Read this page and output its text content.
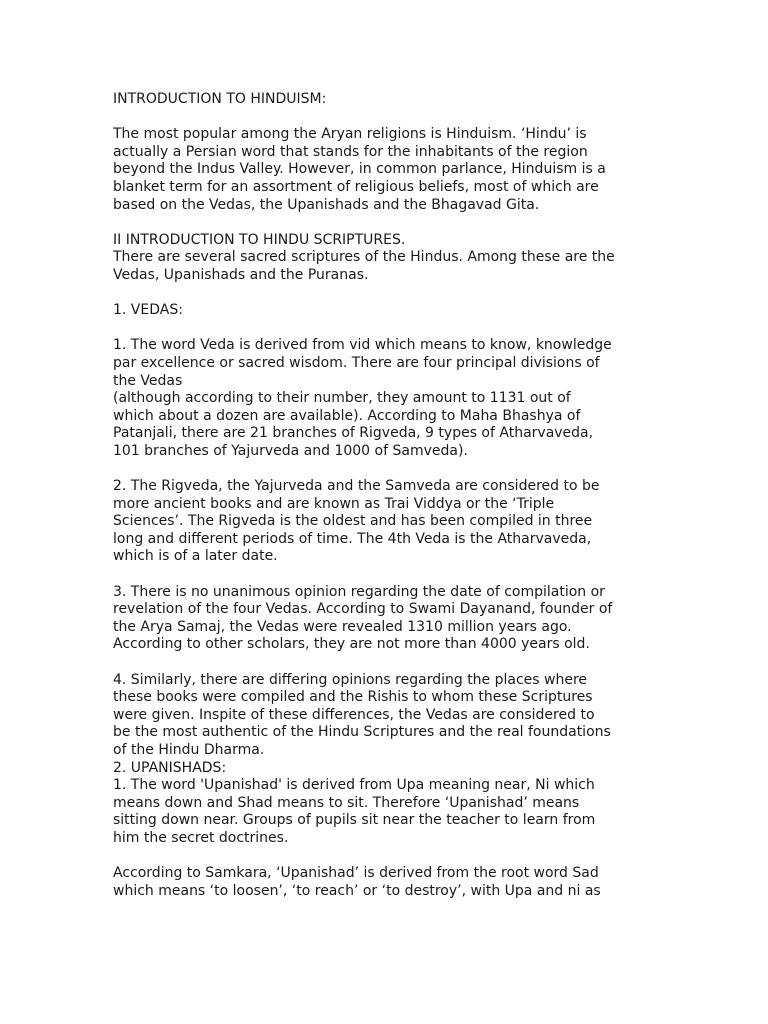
INTRODUCTION TO HINDUISM:

The most popular among the Aryan religions is Hinduism. ‘Hindu’ is
actually a Persian word that stands for the inhabitants of the region
beyond the Indus Valley. However, in common parlance, Hinduism is a
blanket term for an assortment of religious beliefs, most of which are
based on the Vedas, the Upanishads and the Bhagavad Gita.

II INTRODUCTION TO HINDU SCRIPTURES.

There are several sacred scriptures of the Hindus. Among these are the
Vedas, Upanishads and the Puranas.

1. VEDAS:

1. The word Veda is derived from vid which means to know, knowledge
par excellence or sacred wisdom. There are four principal divisions of
the Vedas
(although according to their number, they amount to 1131 out of
which about a dozen are available). According to Maha Bhashya of
Patanjali, there are 21 branches of Rigveda, 9 types of Atharvaveda,
101 branches of Yajurveda and 1000 of Samveda).

2. The Rigveda, the Yajurveda and the Samveda are considered to be
more ancient books and are known as Trai Viddya or the ‘Triple
Sciences’. The Rigveda is the oldest and has been compiled in three
long and different periods of time. The 4th Veda is the Atharvaveda,
which is of a later date.

3. There is no unanimous opinion regarding the date of compilation or
revelation of the four Vedas. According to Swami Dayanand, founder of
the Arya Samaj, the Vedas were revealed 1310 million years ago.
According to other scholars, they are not more than 4000 years old.

4. Similarly, there are differing opinions regarding the places where
these books were compiled and the Rishis to whom these Scriptures
were given. Inspite of these differences, the Vedas are considered to
be the most authentic of the Hindu Scriptures and the real foundations
of the Hindu Dharma.

2. UPANISHADS:

1. The word 'Upanishad' is derived from Upa meaning near, Ni which
means down and Shad means to sit. Therefore ‘Upanishad’ means
sitting down near. Groups of pupils sit near the teacher to learn from
him the secret doctrines.

According to Samkara, ‘Upanishad’ is derived from the root word Sad
which means ‘to loosen’, ‘to reach’ or ‘to destroy’, with Upa and ni as
